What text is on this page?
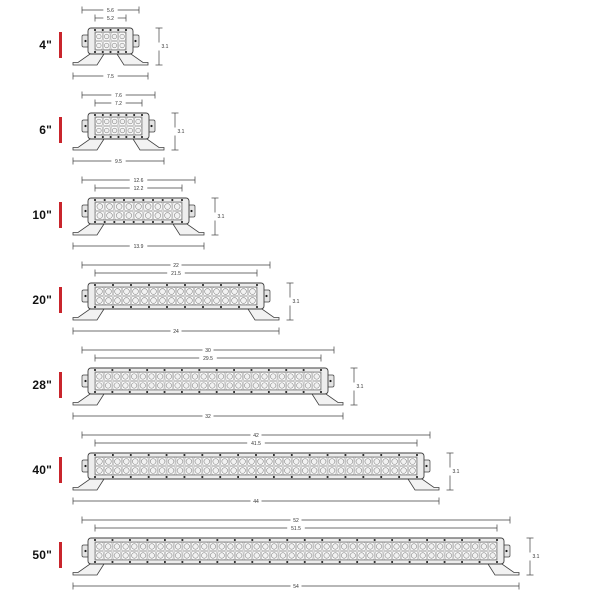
4"
5.6
5.2
7.5
3.1
6"
7.6
7.2
9.5
3.1
10"
12.6
12.2
13.9
3.1
20"
22
21.5
24
3.1
28"
30
29.5
32
3.1
40"
42
41.5
44
3.1
50"
52
51.5
54
3.1
